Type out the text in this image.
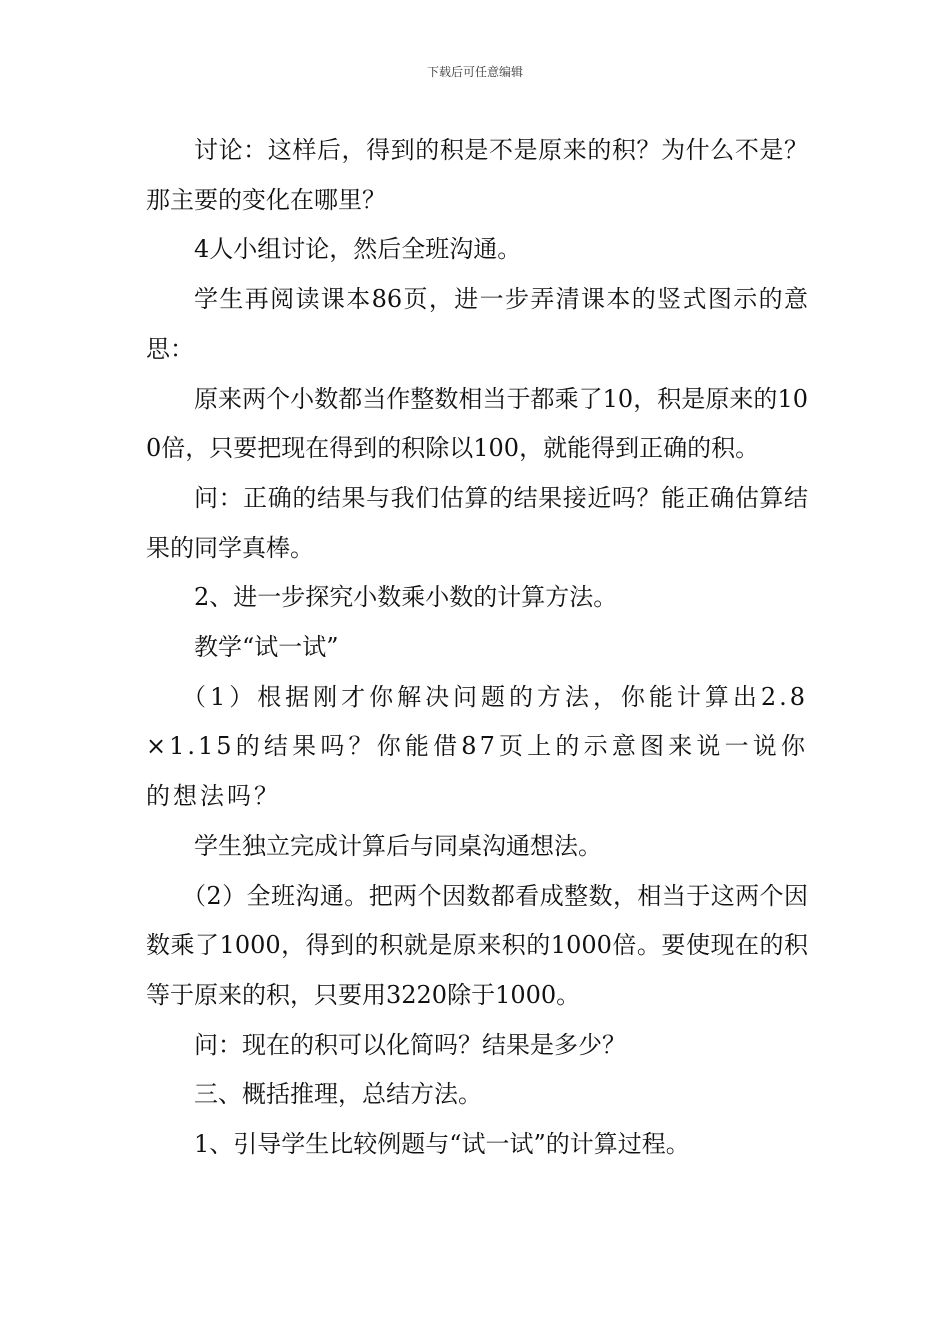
下载后可任意编辑

讨论：这样后，得到的积是不是原来的积？为什么不是？那主要的变化在哪里？

4人小组讨论，然后全班沟通。

学生再阅读课本86页，进一步弄清课本的竖式图示的意思：

原来两个小数都当作整数相当于都乘了10，积是原来的100倍，只要把现在得到的积除以100，就能得到正确的积。

问：正确的结果与我们估算的结果接近吗？能正确估算结果的同学真棒。

2、进一步探究小数乘小数的计算方法。

教学“试一试”

（1）根据刚才你解决问题的方法，你能计算出2.8×1.15的结果吗？你能借87页上的示意图来说一说你的想法吗？

学生独立完成计算后与同桌沟通想法。

（2）全班沟通。把两个因数都看成整数，相当于这两个因数乘了1000，得到的积就是原来积的1000倍。要使现在的积等于原来的积，只要用3220除于1000。

问：现在的积可以化简吗？结果是多少？

三、概括推理，总结方法。

1、引导学生比较例题与“试一试”的计算过程。
